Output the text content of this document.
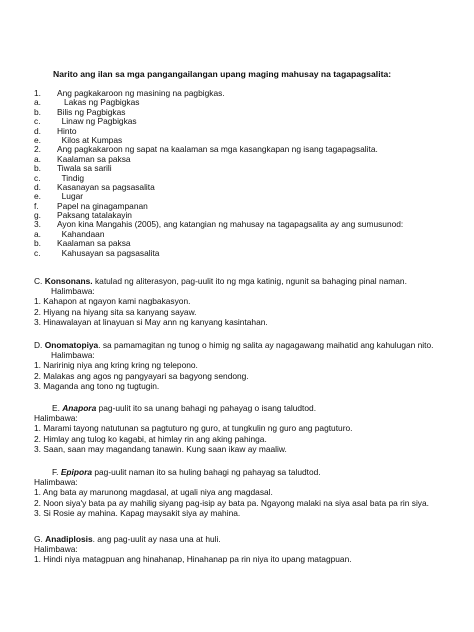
Narito ang ilan sa mga pangangailangan upang maging mahusay na tagapagsalita:
1. Ang pagkakaroon ng masining na pagbigkas.
a. Lakas ng Pagbigkas
b. Bilis ng Pagbigkas
c. Linaw ng Pagbigkas
d. Hinto
e. Kilos at Kumpas
2. Ang pagkakaroon ng sapat na kaalaman sa mga kasangkapan ng isang tagapagsalita.
a. Kaalaman sa paksa
b. Tiwala sa sarili
c. Tindig
d. Kasanayan sa pagsasalita
e. Lugar
f. Papel na ginagampanan
g. Paksang tatalakayin
3. Ayon kina Mangahis (2005), ang katangian ng mahusay na tagapagsalita ay ang sumusunod:
a. Kahandaan
b. Kaalaman sa paksa
c. Kahusayan sa pagsasalita
C. Konsonans. katulad ng aliterasyon, pag-uulit ito ng mga katinig, ngunit sa bahaging pinal naman.
Halimbawa:
1. Kahapon at ngayon kami nagbakasyon.
2. Hiyang na hiyang sita sa kanyang sayaw.
3. Hinawalayan at linayuan si May ann ng kanyang kasintahan.
D. Onomatopiya. sa pamamagitan ng tunog o himig ng salita ay nagagawang maihatid ang kahulugan nito.
Halimbawa:
1. Naririnig niya ang kring kring ng telepono.
2. Malakas ang agos ng pangyayari sa bagyong sendong.
3. Maganda ang tono ng tugtugin.
E. Anapora pag-uulit ito sa unang bahagi ng pahayag o isang taludtod.
Halimbawa:
1. Marami tayong natutunan sa pagtuturo ng guro, at tungkulin ng guro ang pagtuturo.
2. Himlay ang tulog ko kagabi, at himlay rin ang aking pahinga.
3. Saan, saan may magandang tanawin. Kung saan ikaw ay maaliw.
F. Epipora pag-uulit naman ito sa huling bahagi ng pahayag sa taludtod.
Halimbawa:
1. Ang bata ay marunong magdasal, at ugali niya ang magdasal.
2. Noon siya'y bata pa ay mahilig siyang pag-isip ay bata pa. Ngayong malaki na siya asal bata pa rin siya.
3. Si Rosie ay mahina. Kapag maysakit siya ay mahina.
G. Anadiplosis. ang pag-uulit ay nasa una at huli.
Halimbawa:
1. Hindi niya matagpuan ang hinahanap, Hinahanap pa rin niya ito upang matagpuan.
